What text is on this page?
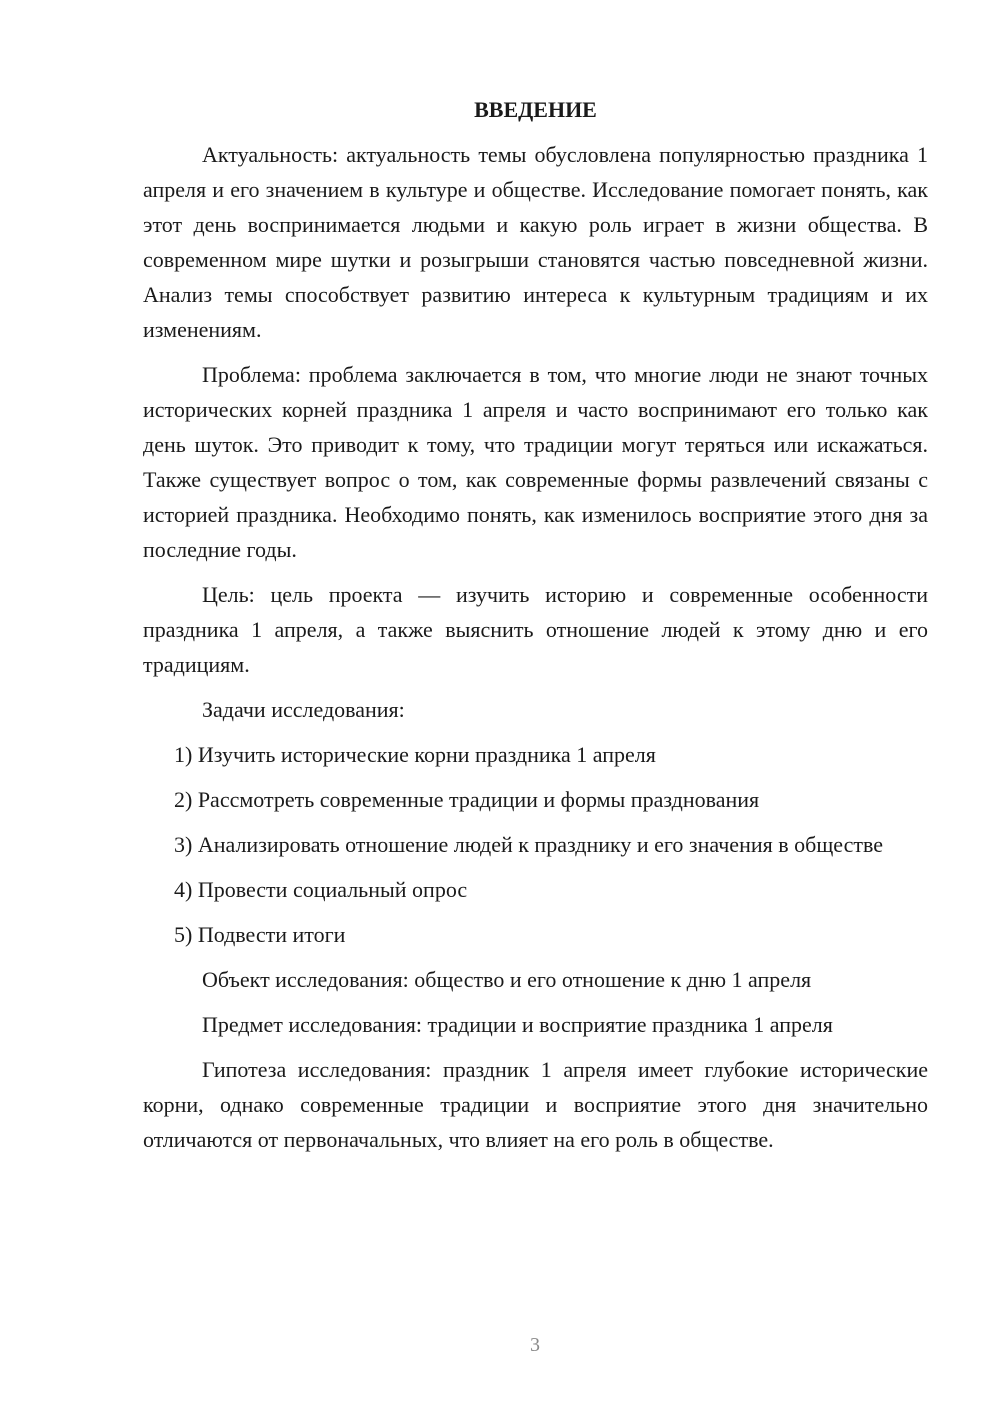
ВВЕДЕНИЕ

Актуальность: актуальность темы обусловлена популярностью праздника 1 апреля и его значением в культуре и обществе. Исследование помогает понять, как этот день воспринимается людьми и какую роль играет в жизни общества. В современном мире шутки и розыгрыши становятся частью повседневной жизни. Анализ темы способствует развитию интереса к культурным традициям и их изменениям.

Проблема: проблема заключается в том, что многие люди не знают точных исторических корней праздника 1 апреля и часто воспринимают его только как день шуток. Это приводит к тому, что традиции могут теряться или искажаться. Также существует вопрос о том, как современные формы развлечений связаны с историей праздника. Необходимо понять, как изменилось восприятие этого дня за последние годы.

Цель: цель проекта — изучить историю и современные особенности праздника 1 апреля, а также выяснить отношение людей к этому дню и его традициям.

Задачи исследования:

1) Изучить исторические корни праздника 1 апреля

2) Рассмотреть современные традиции и формы празднования

3) Анализировать отношение людей к празднику и его значения в обществе

4) Провести социальный опрос

5) Подвести итоги

Объект исследования: общество и его отношение к дню 1 апреля

Предмет исследования: традиции и восприятие праздника 1 апреля

Гипотеза исследования: праздник 1 апреля имеет глубокие исторические корни, однако современные традиции и восприятие этого дня значительно отличаются от первоначальных, что влияет на его роль в обществе.

3
